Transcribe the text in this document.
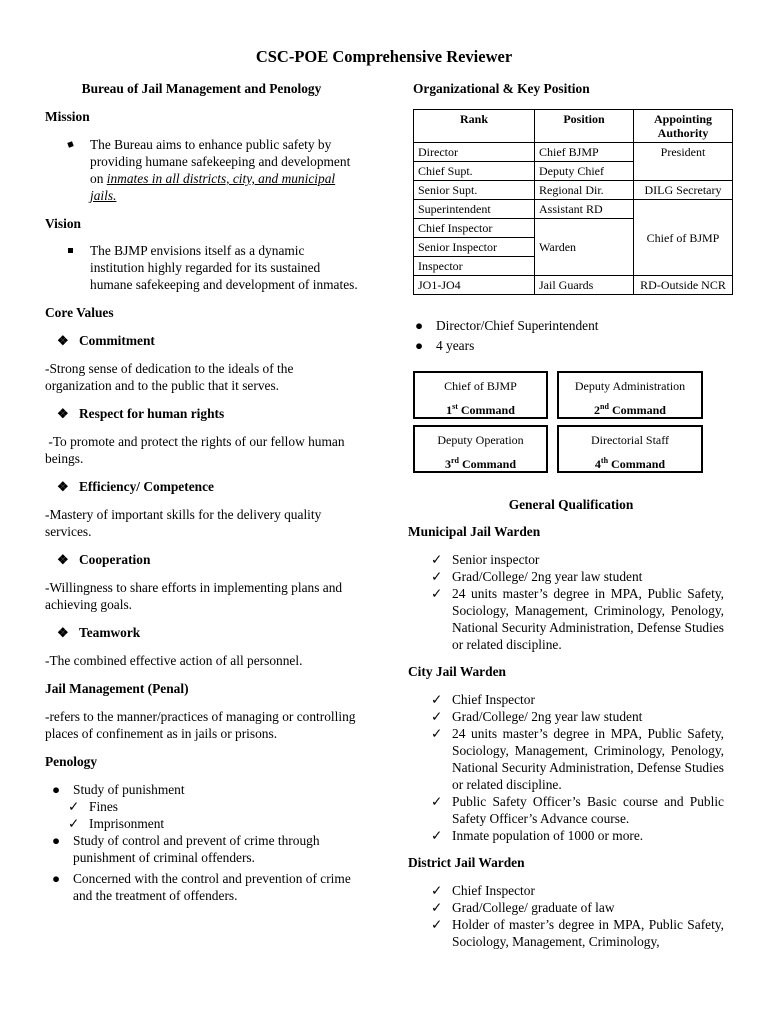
CSC-POE Comprehensive Reviewer
Bureau of Jail Management and Penology
Mission
The Bureau aims to enhance public safety by providing humane safekeeping and development on inmates in all districts, city, and municipal jails.
Vision
The BJMP envisions itself as a dynamic institution highly regarded for its sustained humane safekeeping and development of inmates.
Core Values
❖ Commitment

-Strong sense of dedication to the ideals of the organization and to the public that it serves.

❖ Respect for human rights

-To promote and protect the rights of our fellow human beings.

❖ Efficiency/ Competence

-Mastery of important skills for the delivery quality services.

❖ Cooperation

-Willingness to share efforts in implementing plans and achieving goals.

❖ Teamwork

-The combined effective action of all personnel.

Jail Management (Penal)

-refers to the manner/practices of managing or controlling places of confinement as in jails or prisons.

Penology
● Study of punishment
✓ Fines
✓ Imprisonment
● Study of control and prevent of crime through punishment of criminal offenders.
● Concerned with the control and prevention of crime and the treatment of offenders.
Organizational & Key Position
Rank	Position	Appointing Authority
Director	Chief BJMP	President
Chief Supt.	Deputy Chief	
Senior Supt.	Regional Dir.	DILG Secretary
Superintendent	Assistant RD	Chief of BJMP
Chief Inspector	Warden	
Senior Inspector		
Inspector		
JO1-JO4	Jail Guards	RD-Outside NCR
● Director/Chief Superintendent
● 4 years
Chief of BJMP
1st Command
Deputy Administration
2nd Command
Deputy Operation
3rd Command
Directorial Staff
4th Command
General Qualification
Municipal Jail Warden
✓ Senior inspector
✓ Grad/College/ 2ng year law student
✓ 24 units master’s degree in MPA, Public Safety, Sociology, Management, Criminology, Penology, National Security Administration, Defense Studies or related discipline.
City Jail Warden
✓ Chief Inspector
✓ Grad/College/ 2ng year law student
✓ 24 units master’s degree in MPA, Public Safety, Sociology, Management, Criminology, Penology, National Security Administration, Defense Studies or related discipline.
✓ Public Safety Officer’s Basic course and Public Safety Officer’s Advance course.
✓ Inmate population of 1000 or more.
District Jail Warden
✓ Chief Inspector
✓ Grad/College/ graduate of law
✓ Holder of master’s degree in MPA, Public Safety, Sociology, Management, Criminology,
